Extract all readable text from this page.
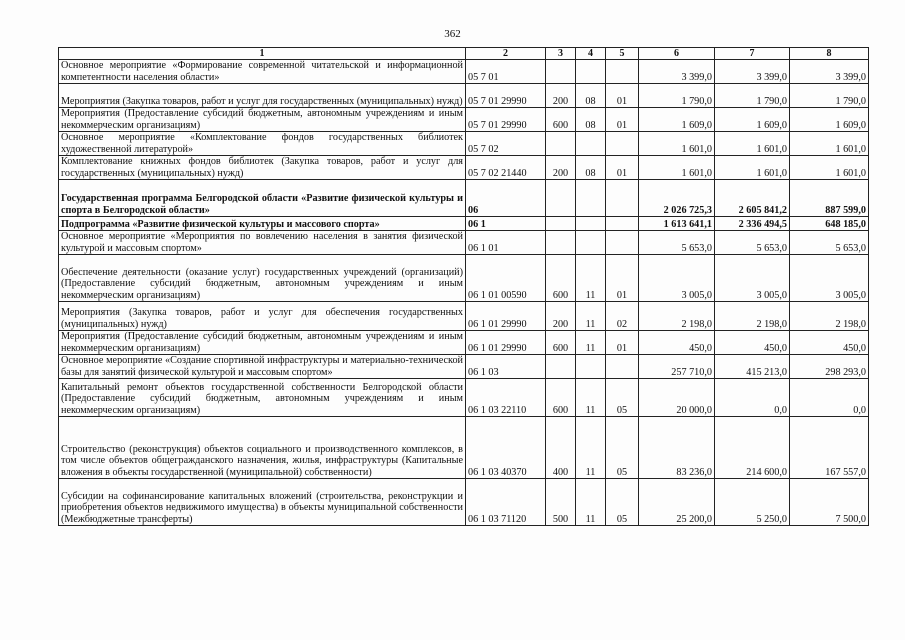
362
1	2	3	4	5	6	7	8
Основное мероприятие «Формирование современной читательской и информационной компетентности населения области»	05 7 01				3 399,0	3 399,0	3 399,0
Мероприятия (Закупка товаров, работ и услуг для государственных (муниципальных) нужд)	05 7 01 29990	200	08	01	1 790,0	1 790,0	1 790,0
Мероприятия (Предоставление субсидий бюджетным, автономным учреждениям и иным некоммерческим организациям)	05 7 01 29990	600	08	01	1 609,0	1 609,0	1 609,0
Основное мероприятие «Комплектование фондов государственных библиотек художественной литературой»	05 7 02				1 601,0	1 601,0	1 601,0
Комплектование книжных фондов библиотек (Закупка товаров, работ и услуг для государственных (муниципальных) нужд)	05 7 02 21440	200	08	01	1 601,0	1 601,0	1 601,0
Государственная программа Белгородской области «Развитие физической культуры и спорта в Белгородской области»	06				2 026 725,3	2 605 841,2	887 599,0
Подпрограмма «Развитие физической культуры и массового спорта»	06 1				1 613 641,1	2 336 494,5	648 185,0
Основное мероприятие «Мероприятия по вовлечению населения в занятия физической культурой и массовым спортом»	06 1 01				5 653,0	5 653,0	5 653,0
Обеспечение деятельности (оказание услуг) государственных учреждений (организаций) (Предоставление субсидий бюджетным, автономным учреждениям и иным некоммерческим организациям)	06 1 01 00590	600	11	01	3 005,0	3 005,0	3 005,0
Мероприятия (Закупка товаров, работ и услуг для обеспечения государственных (муниципальных) нужд)	06 1 01 29990	200	11	02	2 198,0	2 198,0	2 198,0
Мероприятия (Предоставление субсидий бюджетным, автономным учреждениям и иным некоммерческим организациям)	06 1 01 29990	600	11	01	450,0	450,0	450,0
Основное мероприятие «Создание спортивной инфраструктуры и материально-технической базы для занятий физической культурой и массовым спортом»	06 1 03				257 710,0	415 213,0	298 293,0
Капитальный ремонт объектов государственной собственности Белгородской области (Предоставление субсидий бюджетным, автономным учреждениям и иным некоммерческим организациям)	06 1 03 22110	600	11	05	20 000,0	0,0	0,0
Строительство (реконструкция) объектов социального и производственного комплексов, в том числе объектов общегражданского назначения, жилья, инфраструктуры (Капитальные вложения в объекты государственной (муниципальной) собственности)	06 1 03 40370	400	11	05	83 236,0	214 600,0	167 557,0
Субсидии на софинансирование капитальных вложений (строительства, реконструкции и приобретения объектов недвижимого имущества) в объекты муниципальной собственности (Межбюджетные трансферты)	06 1 03 71120	500	11	05	25 200,0	5 250,0	7 500,0
